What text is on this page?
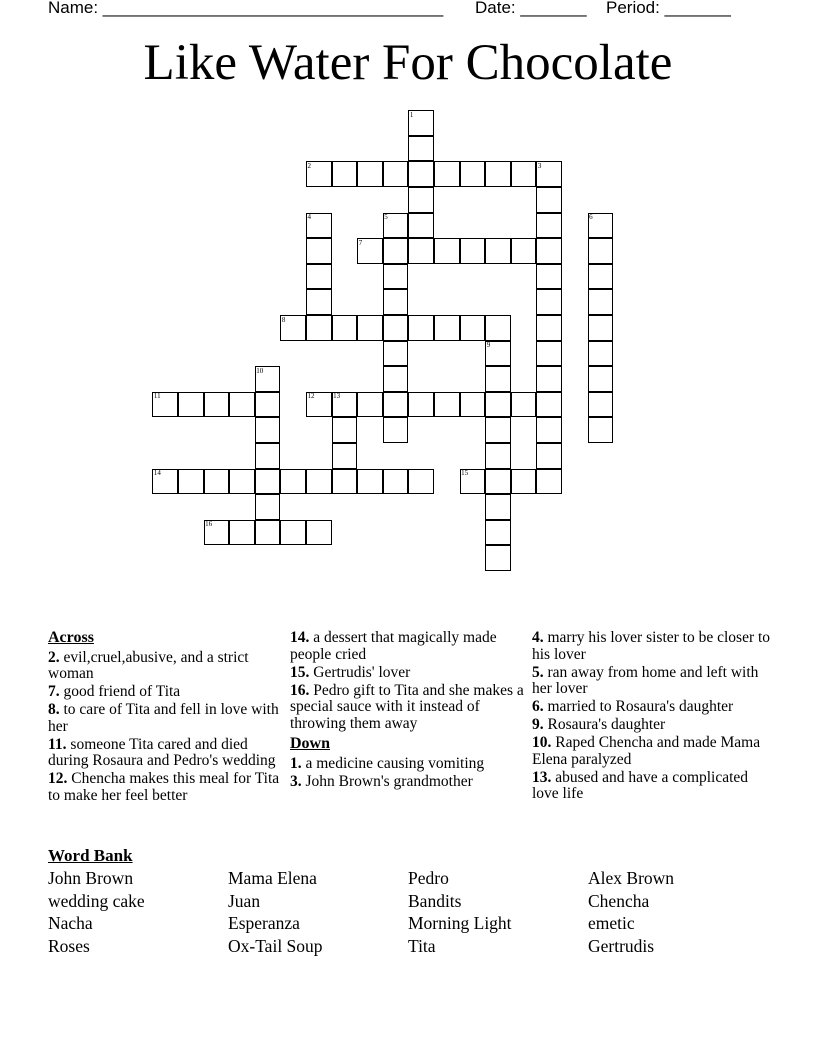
Name: ____________________________________

Date: _______

Period: _______

Like Water For Chocolate
1
2	3
4	5	6
7
8
9
10
11	12	13
14	15
16
Across
2. evil,cruel,abusive, and a strict woman
7. good friend of Tita
8. to care of Tita and fell in love with her
11. someone Tita cared and died during Rosaura and Pedro's wedding
12. Chencha makes this meal for Tita to make her feel better
14. a dessert that magically made people cried
15. Gertrudis' lover
16. Pedro gift to Tita and she makes a special sauce with it instead of throwing them away
Down
1. a medicine causing vomiting
3. John Brown's grandmother
4. marry his lover sister to be closer to his lover
5. ran away from home and left with her lover
6. married to Rosaura's daughter
9. Rosaura's daughter
10. Raped Chencha and made Mama Elena paralyzed
13. abused and have a complicated love life
Word Bank
John Brown
wedding cake
Nacha
Roses
Mama Elena
Juan
Esperanza
Ox-Tail Soup
Pedro
Bandits
Morning Light
Tita
Alex Brown
Chencha
emetic
Gertrudis
